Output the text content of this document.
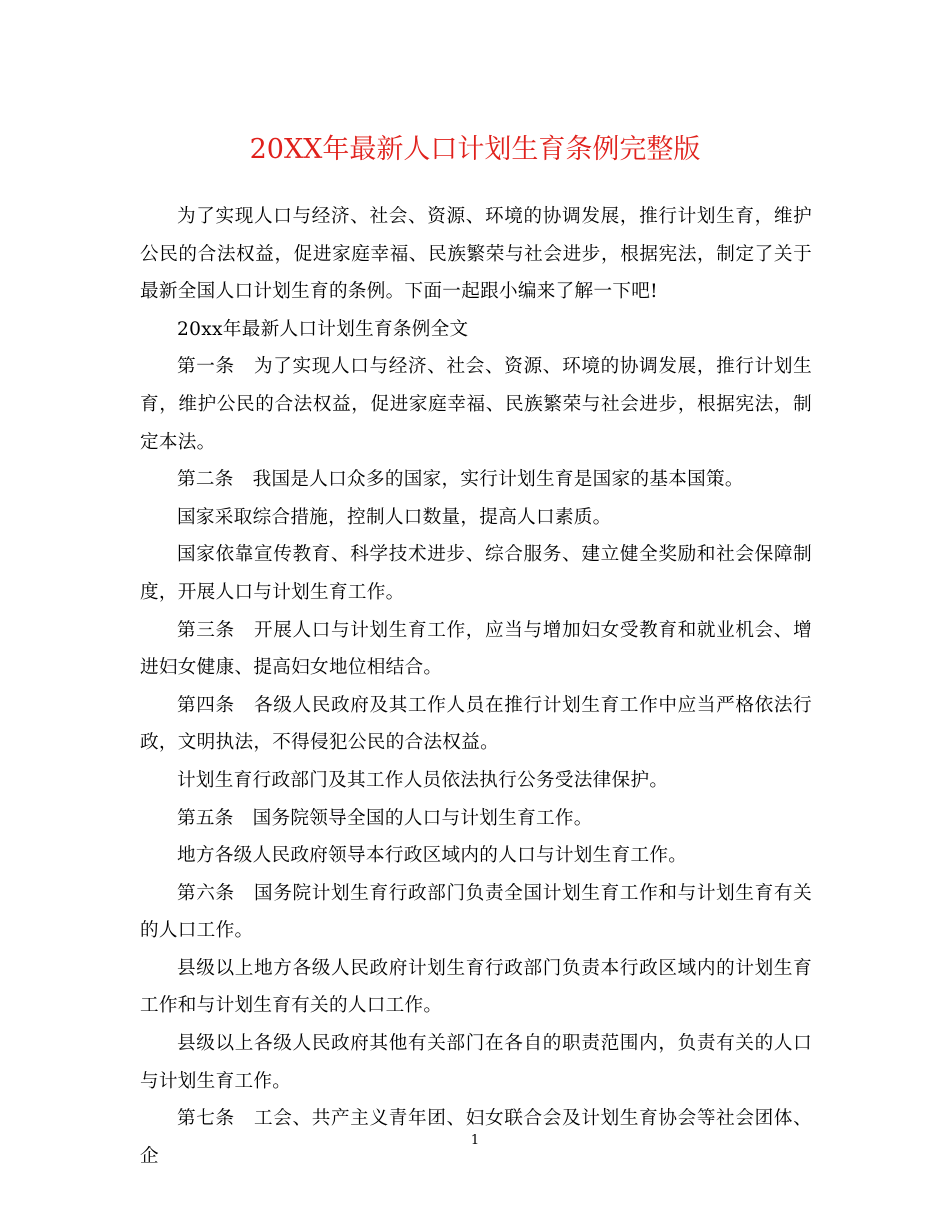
20XX年最新人口计划生育条例完整版

为了实现人口与经济、社会、资源、环境的协调发展，推行计划生育，维护公民的合法权益，促进家庭幸福、民族繁荣与社会进步，根据宪法，制定了关于最新全国人口计划生育的条例。下面一起跟小编来了解一下吧!

20xx年最新人口计划生育条例全文

第一条　为了实现人口与经济、社会、资源、环境的协调发展，推行计划生育，维护公民的合法权益，促进家庭幸福、民族繁荣与社会进步，根据宪法，制定本法。

第二条　我国是人口众多的国家，实行计划生育是国家的基本国策。

国家采取综合措施，控制人口数量，提高人口素质。

国家依靠宣传教育、科学技术进步、综合服务、建立健全奖励和社会保障制度，开展人口与计划生育工作。

第三条　开展人口与计划生育工作，应当与增加妇女受教育和就业机会、增进妇女健康、提高妇女地位相结合。

第四条　各级人民政府及其工作人员在推行计划生育工作中应当严格依法行政，文明执法，不得侵犯公民的合法权益。

计划生育行政部门及其工作人员依法执行公务受法律保护。

第五条　国务院领导全国的人口与计划生育工作。

地方各级人民政府领导本行政区域内的人口与计划生育工作。

第六条　国务院计划生育行政部门负责全国计划生育工作和与计划生育有关的人口工作。

县级以上地方各级人民政府计划生育行政部门负责本行政区域内的计划生育工作和与计划生育有关的人口工作。

县级以上各级人民政府其他有关部门在各自的职责范围内，负责有关的人口与计划生育工作。

第七条　工会、共产主义青年团、妇女联合会及计划生育协会等社会团体、企

1
